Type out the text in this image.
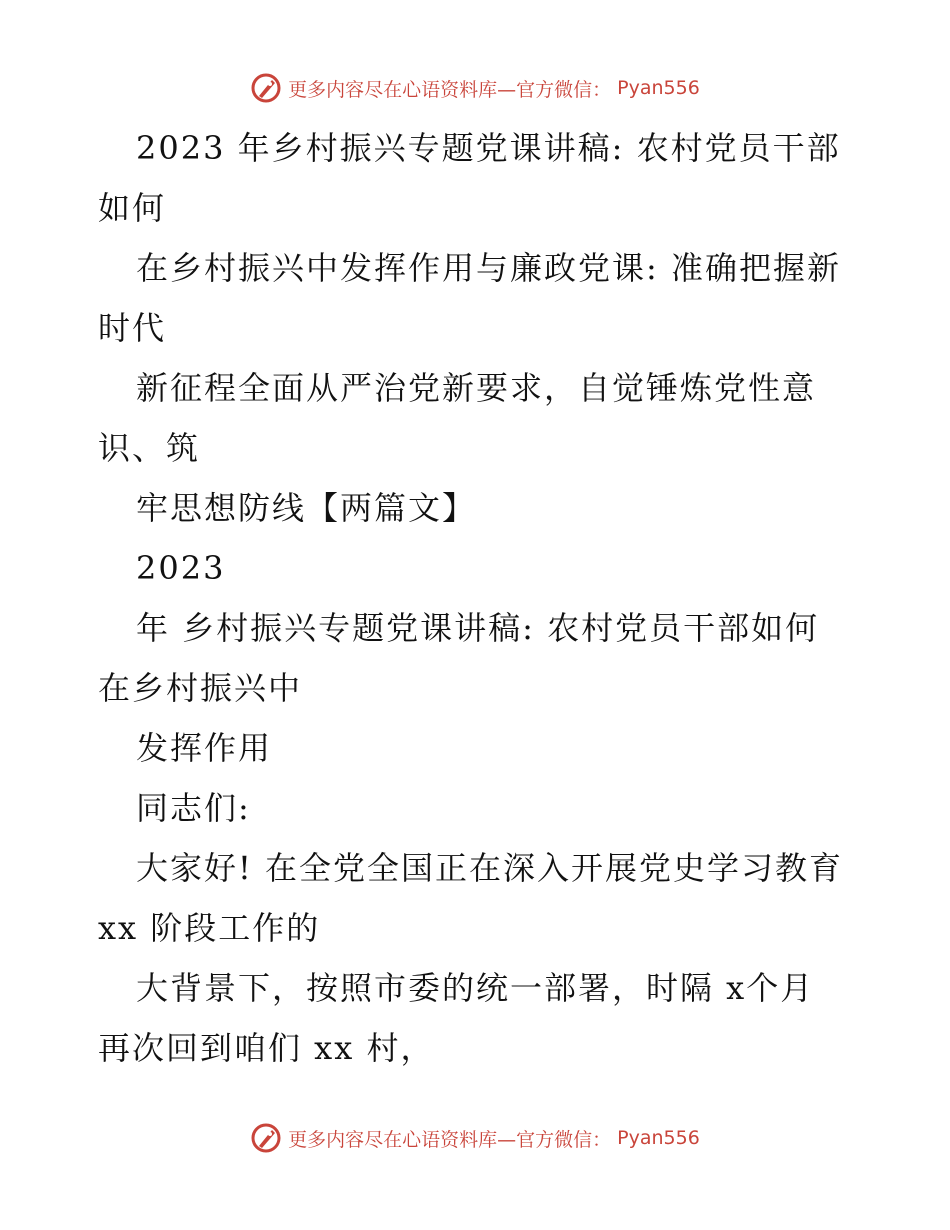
更多内容尽在心语资料库—官方微信： Pyan556
2023 年乡村振兴专题党课讲稿: 农村党员干部
如何
在乡村振兴中发挥作用与廉政党课: 准确把握新
时代
新征程全面从严治党新要求，自觉锤炼党性意
识、筑
牢思想防线【两篇文】
2023
年 乡村振兴专题党课讲稿: 农村党员干部如何
在乡村振兴中
发挥作用
同志们:
大家好! 在全党全国正在深入开展党史学习教育
xx 阶段工作的
大背景下，按照市委的统一部署，时隔 x个月
再次回到咱们 xx 村，
更多内容尽在心语资料库—官方微信： Pyan556
